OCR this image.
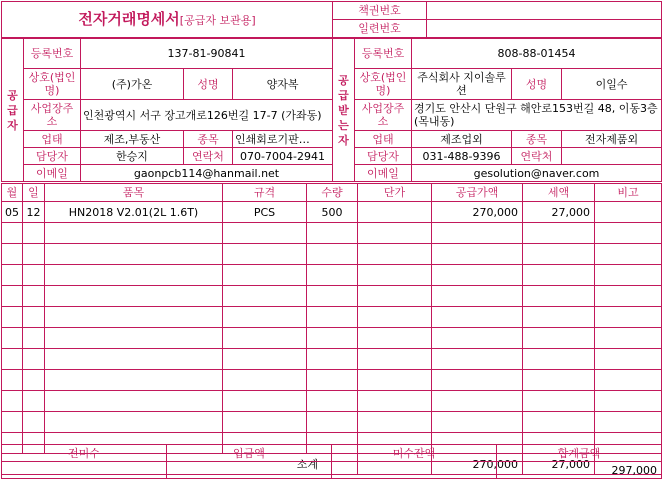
전자거래명세서[공급자 보관용]	책권번호	
	일련번호	
공급자	등록번호	137-81-90841		
	상호(법인명)	(주)가온	성명	양자복
	사업장주소	인천광역시 서구 장고개로126번길 17-7 (가좌동)		
	업태	제조,부동산	종목	인쇄회로기판…
	담당자	한승지	연락처	070-7004-2941
	이메일	gaonpcb114@hanmail.net		
공급받는자	등록번호	808-88-01454		
	상호(법인명)	주식회사 지이솔루션	성명	이일수
	사업장주소	경기도 안산시 단원구 해안로153번길 48, 이동3층 (목내동)		
	업태	제조업외	종목	전자제품외
	담당자	031-488-9396	연락처	
	이메일	gesolution@naver.com		
월	일	품목	규격	수량	단가	공급가액	세액	비고
05	12	HN2018 V2.01(2L 1.6T)	PCS	500		270,000	27,000	

소계						270,000	27,000	
전미수	입금액	미수잔액	합계금액
			297,000
